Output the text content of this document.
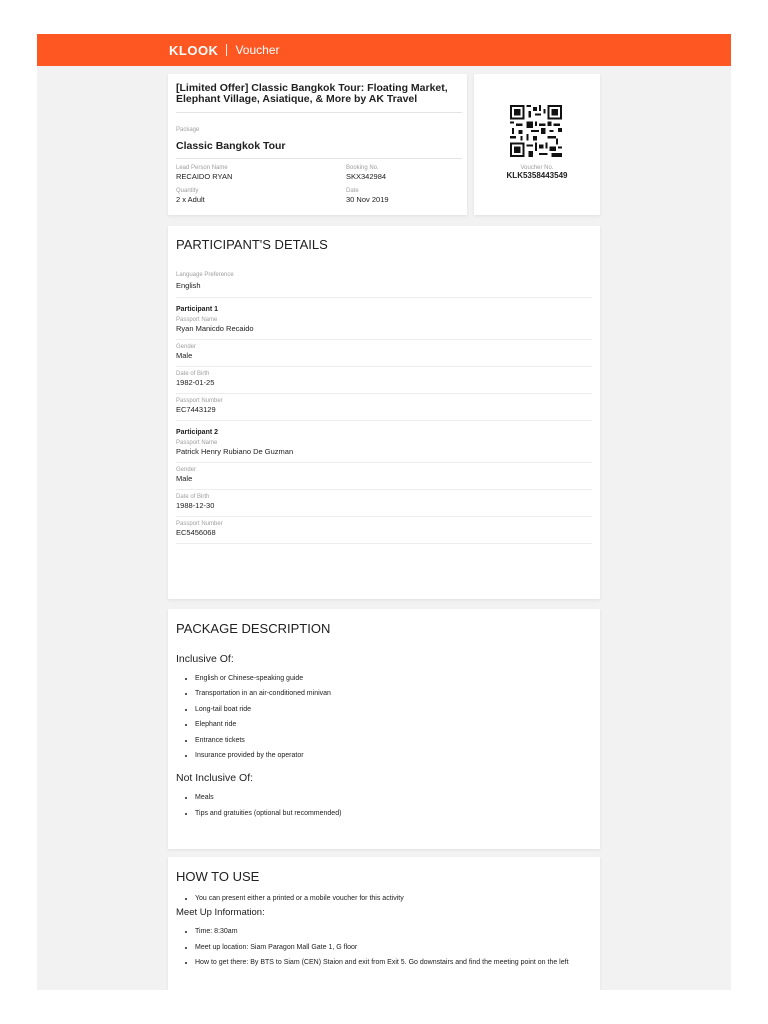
KLOOK Voucher
[Limited Offer] Classic Bangkok Tour: Floating Market, Elephant Village, Asiatique, & More by AK Travel
Package
Classic Bangkok Tour
Lead Person Name
RECAIDO RYAN
Booking No.
SKX342984
Quantity
2 x Adult
Date
30 Nov 2019
Voucher No.
KLK5358443549
PARTICIPANT'S DETAILS
Language Preference
English
Participant 1
Passport Name
Ryan Manicdo Recaido
Gender
Male
Date of Birth
1982-01-25
Passport Number
EC7443129
Participant 2
Passport Name
Patrick Henry Rubiano De Guzman
Gender
Male
Date of Birth
1988-12-30
Passport Number
EC5456068
PACKAGE DESCRIPTION
Inclusive Of:
• English or Chinese-speaking guide
• Transportation in an air-conditioned minivan
• Long-tail boat ride
• Elephant ride
• Entrance tickets
• Insurance provided by the operator
Not Inclusive Of:
• Meals
• Tips and gratuities (optional but recommended)
HOW TO USE
• You can present either a printed or a mobile voucher for this activity
Meet Up Information:
• Time: 8:30am
• Meet up location: Siam Paragon Mall Gate 1, G floor
• How to get there: By BTS to Siam (CEN) Staion and exit from Exit 5. Go downstairs and find the meeting point on the left
